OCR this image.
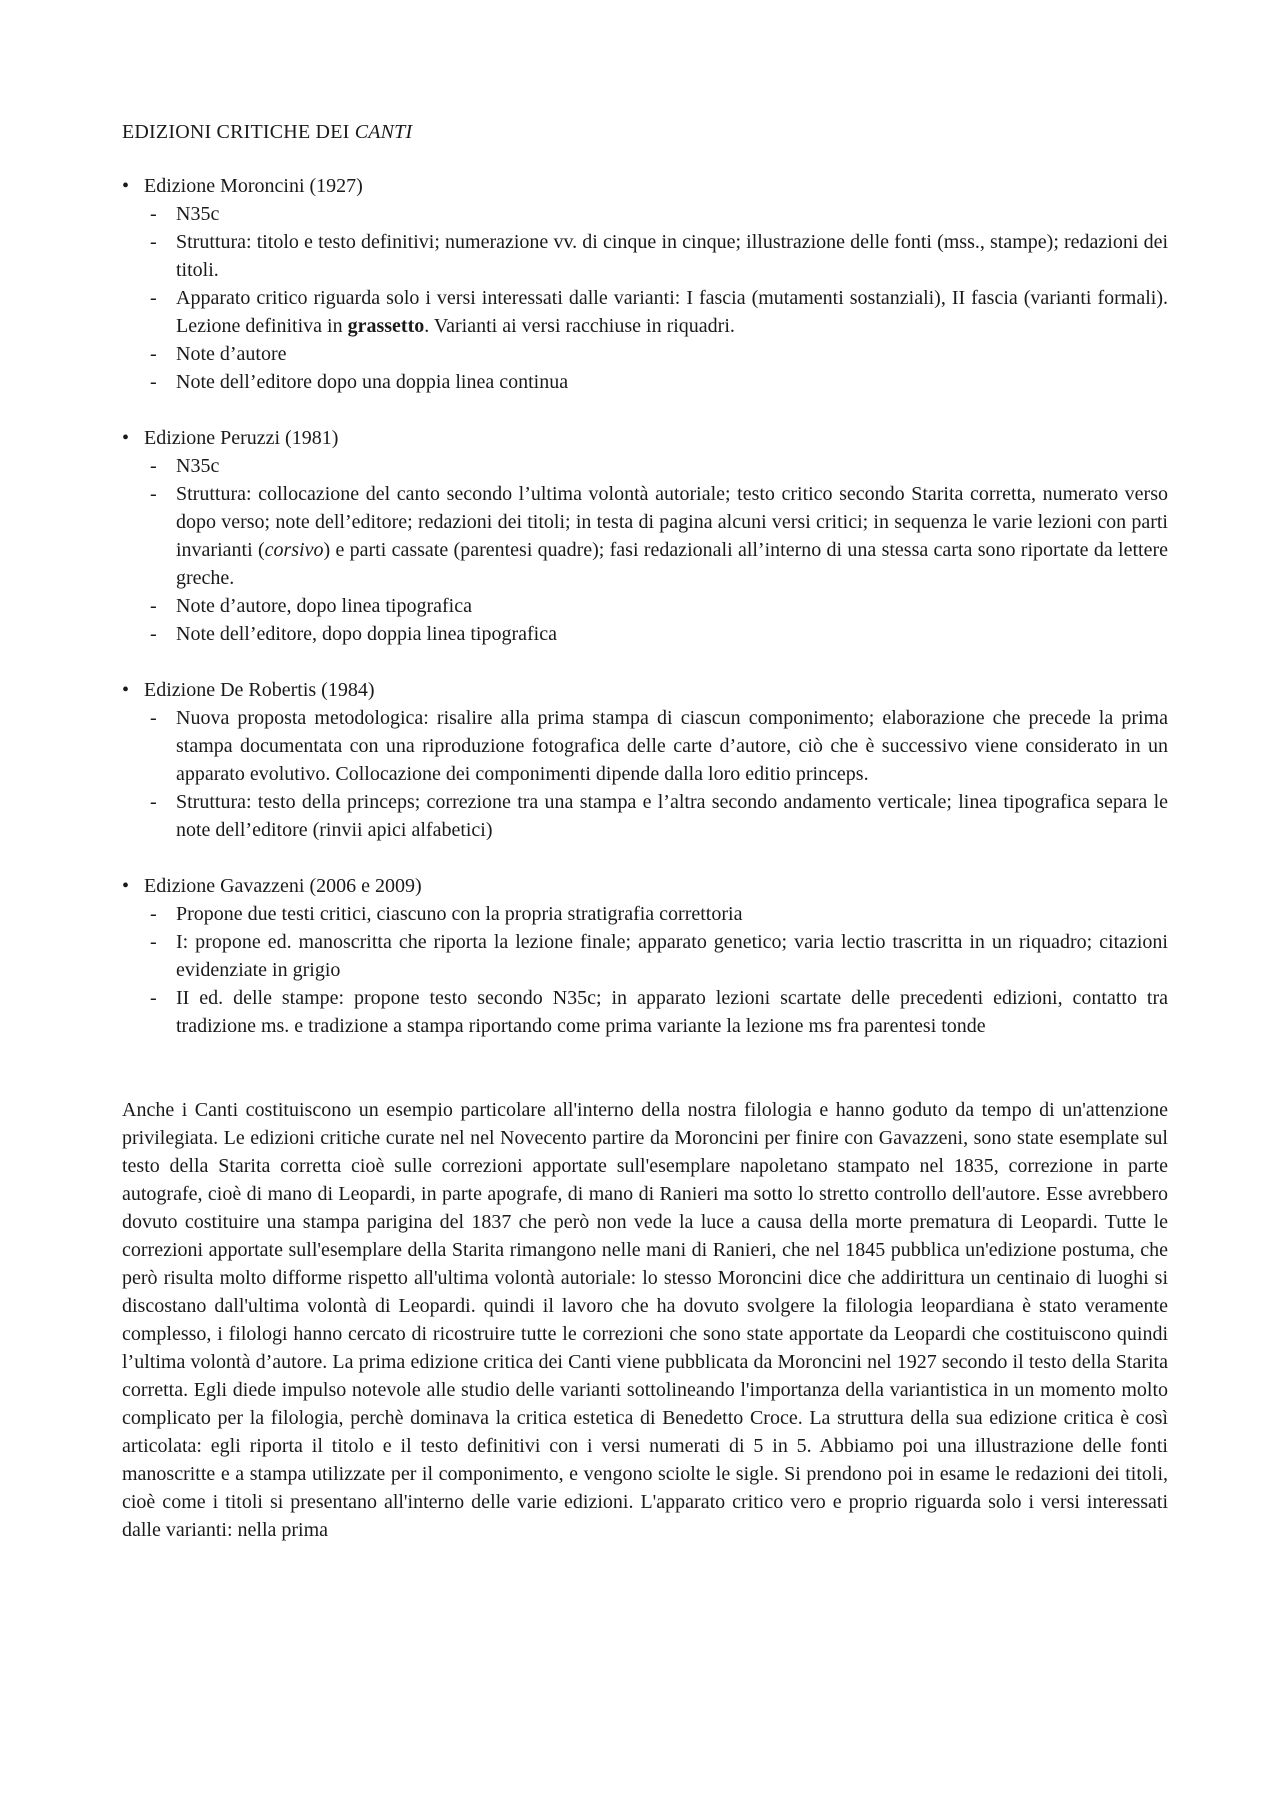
EDIZIONI CRITICHE DEI CANTI
• Edizione Moroncini (1927)
- N35c
- Struttura: titolo e testo definitivi; numerazione vv. di cinque in cinque; illustrazione delle fonti (mss., stampe); redazioni dei titoli.
- Apparato critico riguarda solo i versi interessati dalle varianti: I fascia (mutamenti sostanziali), II fascia (varianti formali). Lezione definitiva in grassetto. Varianti ai versi racchiuse in riquadri.
- Note d’autore
- Note dell’editore dopo una doppia linea continua
• Edizione Peruzzi (1981)
- N35c
- Struttura: collocazione del canto secondo l’ultima volontà autoriale; testo critico secondo Starita corretta, numerato verso dopo verso; note dell’editore; redazioni dei titoli; in testa di pagina alcuni versi critici; in sequenza le varie lezioni con parti invarianti (corsivo) e parti cassate (parentesi quadre); fasi redazionali all’interno di una stessa carta sono riportate da lettere greche.
- Note d’autore, dopo linea tipografica
- Note dell’editore, dopo doppia linea tipografica
• Edizione De Robertis (1984)
- Nuova proposta metodologica: risalire alla prima stampa di ciascun componimento; elaborazione che precede la prima stampa documentata con una riproduzione fotografica delle carte d’autore, ciò che è successivo viene considerato in un apparato evolutivo. Collocazione dei componimenti dipende dalla loro editio princeps.
- Struttura: testo della princeps; correzione tra una stampa e l’altra secondo andamento verticale; linea tipografica separa le note dell’editore (rinvii apici alfabetici)
• Edizione Gavazzeni (2006 e 2009)
- Propone due testi critici, ciascuno con la propria stratigrafia correttoria
- I: propone ed. manoscritta che riporta la lezione finale; apparato genetico; varia lectio trascritta in un riquadro; citazioni evidenziate in grigio
- II ed. delle stampe: propone testo secondo N35c; in apparato lezioni scartate delle precedenti edizioni, contatto tra tradizione ms. e tradizione a stampa riportando come prima variante la lezione ms fra parentesi tonde
Anche i Canti costituiscono un esempio particolare all'interno della nostra filologia e hanno goduto da tempo di un'attenzione privilegiata. Le edizioni critiche curate nel nel Novecento partire da Moroncini per finire con Gavazzeni, sono state esemplate sul testo della Starita corretta cioè sulle correzioni apportate sull'esemplare napoletano stampato nel 1835, correzione in parte autografe, cioè di mano di Leopardi, in parte apografe, di mano di Ranieri ma sotto lo stretto controllo dell'autore. Esse avrebbero dovuto costituire una stampa parigina del 1837 che però non vede la luce a causa della morte prematura di Leopardi. Tutte le correzioni apportate sull'esemplare della Starita rimangono nelle mani di Ranieri, che nel 1845 pubblica un'edizione postuma, che però risulta molto difforme rispetto all'ultima volontà autoriale: lo stesso Moroncini dice che addirittura un centinaio di luoghi si discostano dall'ultima volontà di Leopardi. quindi il lavoro che ha dovuto svolgere la filologia leopardiana è stato veramente complesso, i filologi hanno cercato di ricostruire tutte le correzioni che sono state apportate da Leopardi che costituiscono quindi l’ultima volontà d’autore. La prima edizione critica dei Canti viene pubblicata da Moroncini nel 1927 secondo il testo della Starita corretta. Egli diede impulso notevole alle studio delle varianti sottolineando l'importanza della variantistica in un momento molto complicato per la filologia, perchè dominava la critica estetica di Benedetto Croce. La struttura della sua edizione critica è così articolata: egli riporta il titolo e il testo definitivi con i versi numerati di 5 in 5. Abbiamo poi una illustrazione delle fonti manoscritte e a stampa utilizzate per il componimento, e vengono sciolte le sigle. Si prendono poi in esame le redazioni dei titoli, cioè come i titoli si presentano all'interno delle varie edizioni. L'apparato critico vero e proprio riguarda solo i versi interessati dalle varianti: nella prima
